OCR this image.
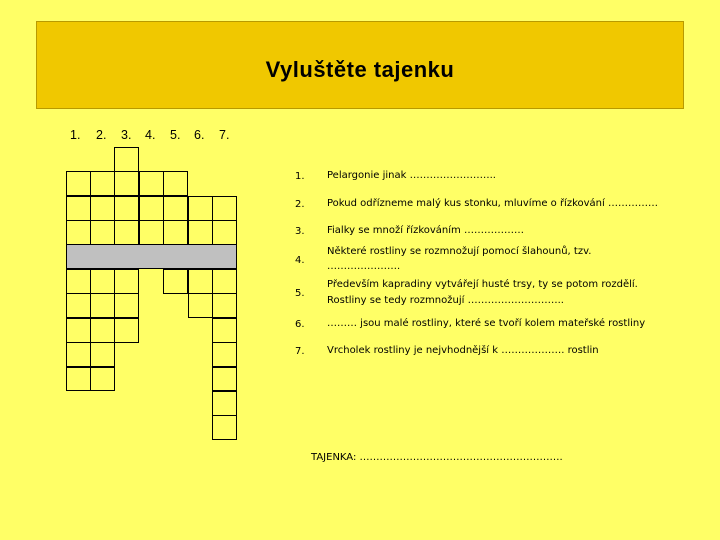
Vyluštěte tajenku
1. 2. 3. 4. 5. 6. 7.
1. Pelargonie jinak ……………………..
2. Pokud odřízneme malý kus stonku, mluvíme o řízkování ……………
3. Fialky se množí řízkováním ………………
4.
Některé rostliny se rozmnožují pomocí šlahounů, tzv.
………………….
5.
Především kapradiny vytvářejí husté trsy, ty se potom rozdělí.
Rostliny se tedy rozmnožují ………………………..
6. ……… jsou malé rostliny, které se tvoří kolem mateřské rostliny
7. Vrcholek rostliny je nejvhodnější k ………………. rostlin
TAJENKA: …………………………………………………….
